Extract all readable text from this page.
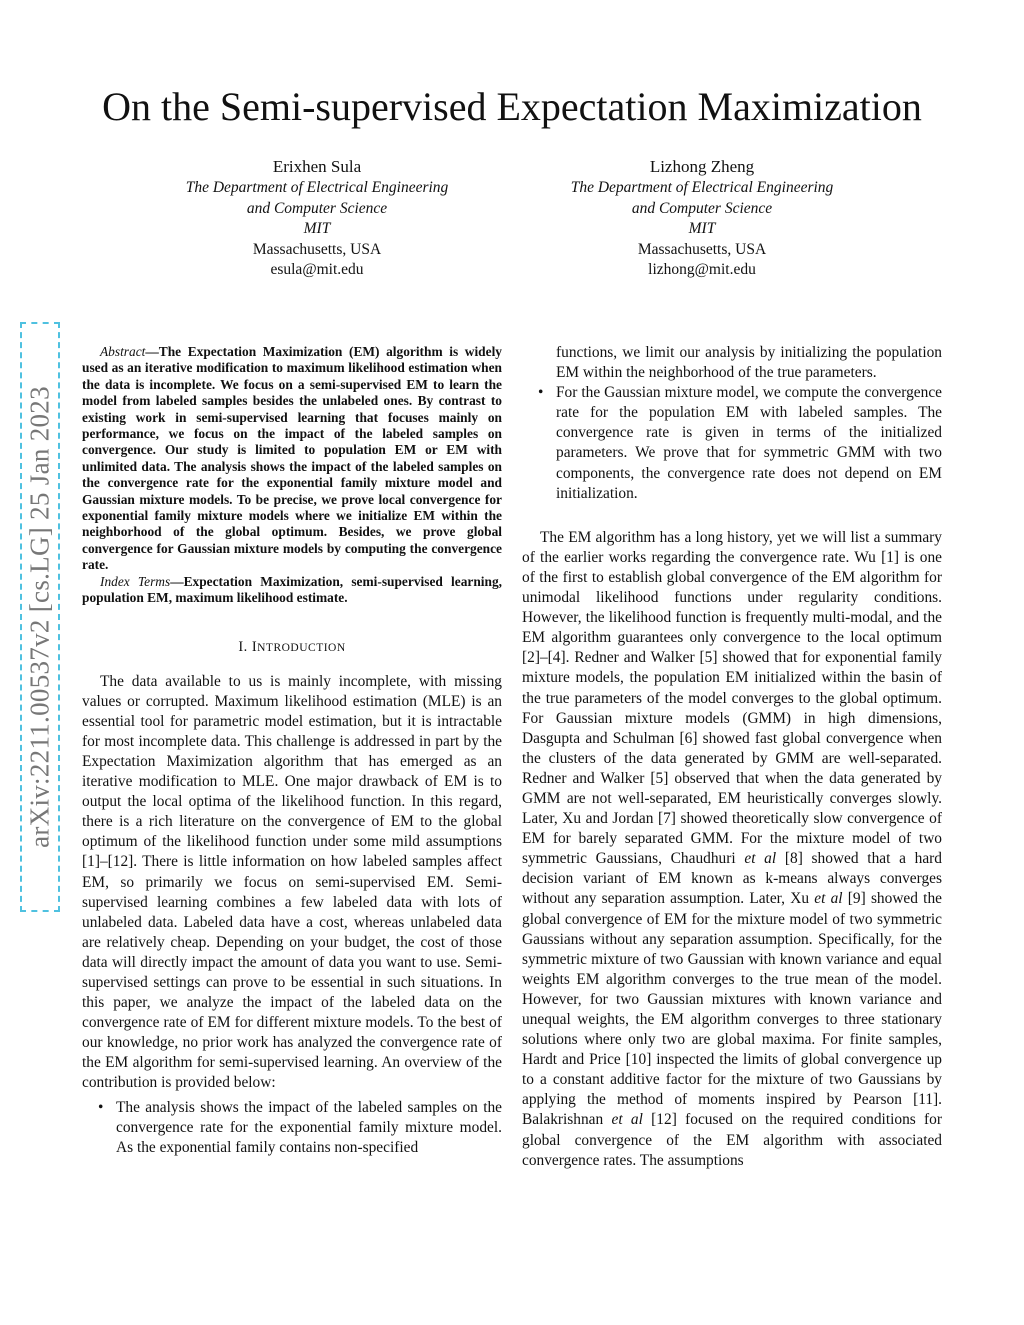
On the Semi-supervised Expectation Maximization
Erixhen Sula
The Department of Electrical Engineering
and Computer Science
MIT
Massachusetts, USA
esula@mit.edu
Lizhong Zheng
The Department of Electrical Engineering
and Computer Science
MIT
Massachusetts, USA
lizhong@mit.edu
arXiv:2211.00537v2 [cs.LG] 25 Jan 2023

Abstract—The Expectation Maximization (EM) algorithm is widely used as an iterative modification to maximum likelihood estimation when the data is incomplete. We focus on a semi-supervised EM to learn the model from labeled samples besides the unlabeled ones. By contrast to existing work in semi-supervised learning that focuses mainly on performance, we focus on the impact of the labeled samples on convergence. Our study is limited to population EM or EM with unlimited data. The analysis shows the impact of the labeled samples on the convergence rate for the exponential family mixture model and Gaussian mixture models. To be precise, we prove local convergence for exponential family mixture models where we initialize EM within the neighborhood of the global optimum. Besides, we prove global convergence for Gaussian mixture models by computing the convergence rate.

Index Terms—Expectation Maximization, semi-supervised learning, population EM, maximum likelihood estimate.

I. INTRODUCTION

The data available to us is mainly incomplete, with missing values or corrupted. Maximum likelihood estimation (MLE) is an essential tool for parametric model estimation, but it is intractable for most incomplete data. This challenge is addressed in part by the Expectation Maximization algorithm that has emerged as an iterative modification to MLE. One major drawback of EM is to output the local optima of the likelihood function. In this regard, there is a rich literature on the convergence of EM to the global optimum of the likelihood function under some mild assumptions [1]–[12]. There is little information on how labeled samples affect EM, so primarily we focus on semi-supervised EM. Semi-supervised learning combines a few labeled data with lots of unlabeled data. Labeled data have a cost, whereas unlabeled data are relatively cheap. Depending on your budget, the cost of those data will directly impact the amount of data you want to use. Semi-supervised settings can prove to be essential in such situations. In this paper, we analyze the impact of the labeled data on the convergence rate of EM for different mixture models. To the best of our knowledge, no prior work has analyzed the convergence rate of the EM algorithm for semi-supervised learning. An overview of the contribution is provided below:

• The analysis shows the impact of the labeled samples on the convergence rate for the exponential family mixture model. As the exponential family contains non-specified
functions, we limit our analysis by initializing the population EM within the neighborhood of the true parameters.
• For the Gaussian mixture model, we compute the convergence rate for the population EM with labeled samples. The convergence rate is given in terms of the initialized parameters. We prove that for symmetric GMM with two components, the convergence rate does not depend on EM initialization.

The EM algorithm has a long history, yet we will list a summary of the earlier works regarding the convergence rate. Wu [1] is one of the first to establish global convergence of the EM algorithm for unimodal likelihood functions under regularity conditions. However, the likelihood function is frequently multi-modal, and the EM algorithm guarantees only convergence to the local optimum [2]–[4]. Redner and Walker [5] showed that for exponential family mixture models, the population EM initialized within the basin of the true parameters of the model converges to the global optimum. For Gaussian mixture models (GMM) in high dimensions, Dasgupta and Schulman [6] showed fast global convergence when the clusters of the data generated by GMM are well-separated. Redner and Walker [5] observed that when the data generated by GMM are not well-separated, EM heuristically converges slowly. Later, Xu and Jordan [7] showed theoretically slow convergence of EM for barely separated GMM. For the mixture model of two symmetric Gaussians, Chaudhuri et al [8] showed that a hard decision variant of EM known as k-means always converges without any separation assumption. Later, Xu et al [9] showed the global convergence of EM for the mixture model of two symmetric Gaussians without any separation assumption. Specifically, for the symmetric mixture of two Gaussian with known variance and equal weights EM algorithm converges to the true mean of the model. However, for two Gaussian mixtures with known variance and unequal weights, the EM algorithm converges to three stationary solutions where only two are global maxima. For finite samples, Hardt and Price [10] inspected the limits of global convergence up to a constant additive factor for the mixture of two Gaussians by applying the method of moments inspired by Pearson [11]. Balakrishnan et al [12] focused on the required conditions for global convergence of the EM algorithm with associated convergence rates. The assumptions
